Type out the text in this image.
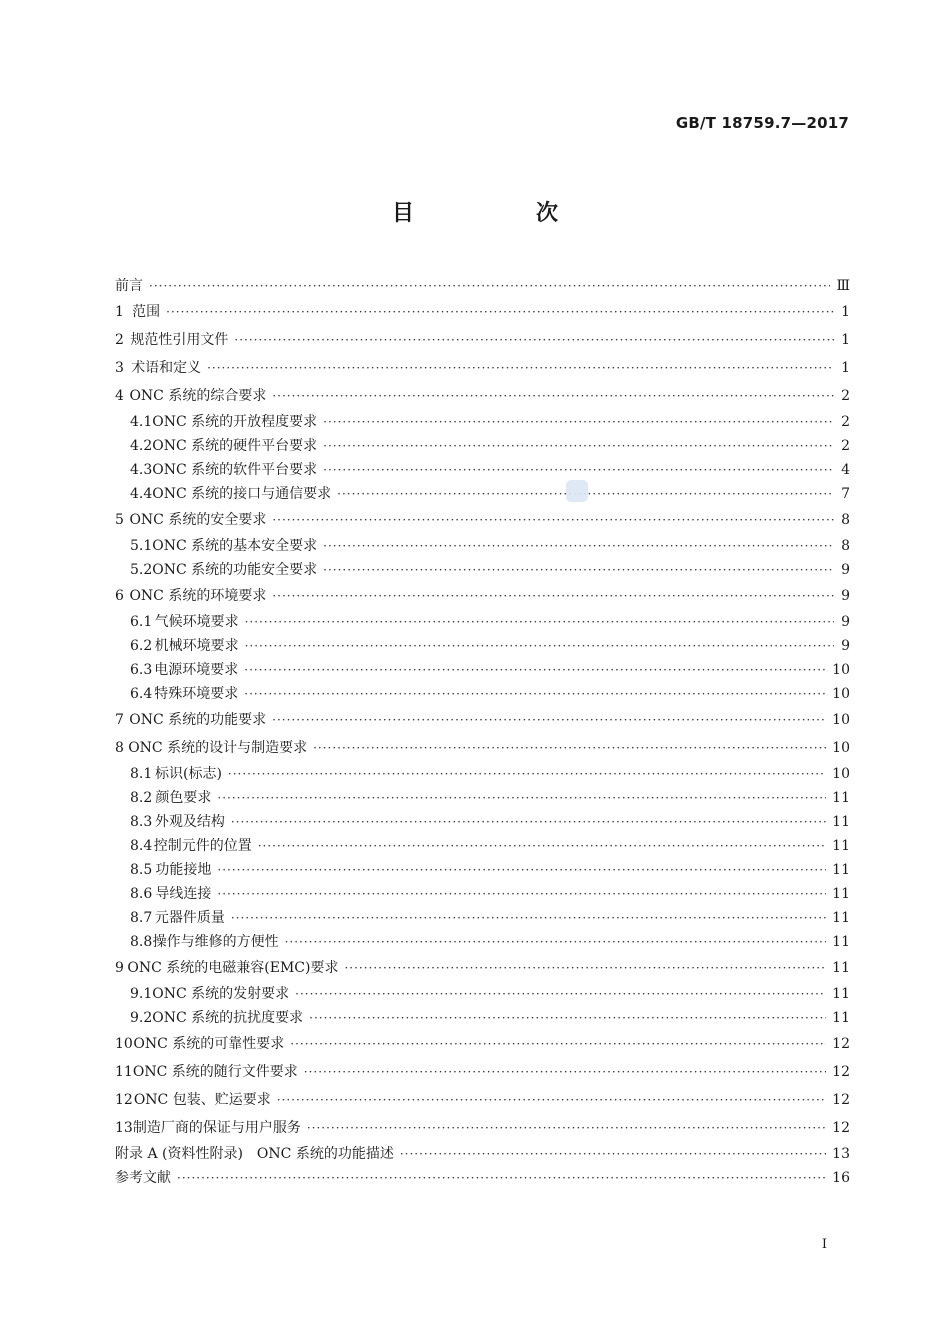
GB/T 18759.7—2017
目　次
前言 ·····	Ⅲ
1 范围 ·····	1
2 规范性引用文件 ·····	1
3 术语和定义 ·····	1
4 ONC 系统的综合要求 ·····	2
4.1 ONC 系统的开放程度要求 ·····	2
4.2 ONC 系统的硬件平台要求 ·····	2
4.3 ONC 系统的软件平台要求 ·····	4
4.4 ONC 系统的接口与通信要求 ·····	7
5 ONC 系统的安全要求 ·····	8
5.1 ONC 系统的基本安全要求 ·····	8
5.2 ONC 系统的功能安全要求 ·····	9
6 ONC 系统的环境要求 ·····	9
6.1 气候环境要求 ·····	9
6.2 机械环境要求 ·····	9
6.3 电源环境要求 ·····	10
6.4 特殊环境要求 ·····	10
7 ONC 系统的功能要求 ·····	10
8 ONC 系统的设计与制造要求 ·····	10
8.1 标识(标志) ·····	10
8.2 颜色要求 ·····	11
8.3 外观及结构 ·····	11
8.4 控制元件的位置 ·····	11
8.5 功能接地 ·····	11
8.6 导线连接 ·····	11
8.7 元器件质量 ·····	11
8.8 操作与维修的方便性 ·····	11
9 ONC 系统的电磁兼容(EMC)要求 ·····	11
9.1 ONC 系统的发射要求 ·····	11
9.2 ONC 系统的抗扰度要求 ·····	11
10 ONC 系统的可靠性要求 ·····	12
11 ONC 系统的随行文件要求 ·····	12
12 ONC 包装、贮运要求 ·····	12
13 制造厂商的保证与用户服务 ·····	12
附录 A (资料性附录)　ONC 系统的功能描述 ·····	13
参考文献 ·····	16
Ⅰ
